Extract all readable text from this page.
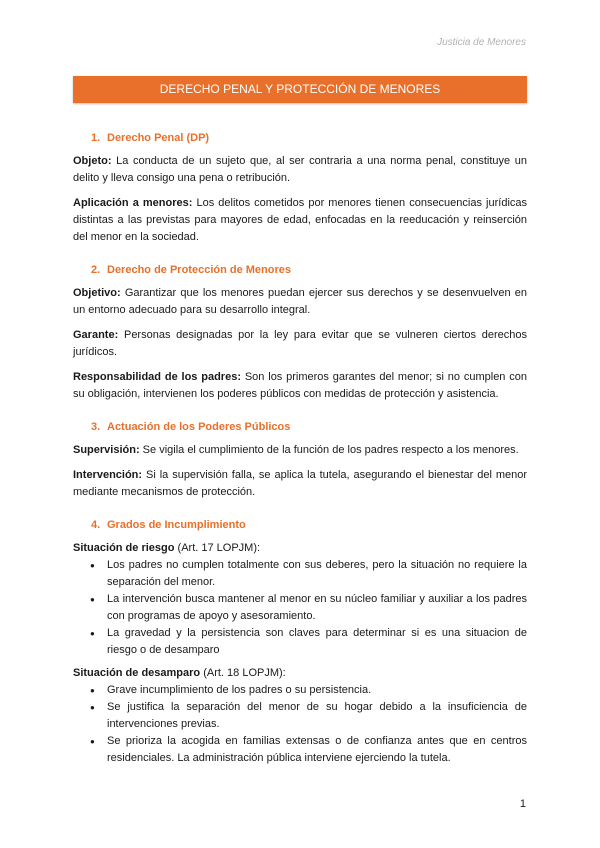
Justicia de Menores
DERECHO PENAL Y PROTECCIÓN DE MENORES
1. Derecho Penal (DP)

Objeto: La conducta de un sujeto que, al ser contraria a una norma penal, constituye un delito y lleva consigo una pena o retribución.

Aplicación a menores: Los delitos cometidos por menores tienen consecuencias jurídicas distintas a las previstas para mayores de edad, enfocadas en la reeducación y reinserción del menor en la sociedad.

2. Derecho de Protección de Menores

Objetivo: Garantizar que los menores puedan ejercer sus derechos y se desenvuelven en un entorno adecuado para su desarrollo integral.

Garante: Personas designadas por la ley para evitar que se vulneren ciertos derechos jurídicos.

Responsabilidad de los padres: Son los primeros garantes del menor; si no cumplen con su obligación, intervienen los poderes públicos con medidas de protección y asistencia.

3. Actuación de los Poderes Públicos

Supervisión: Se vigila el cumplimiento de la función de los padres respecto a los menores.

Intervención: Si la supervisión falla, se aplica la tutela, asegurando el bienestar del menor mediante mecanismos de protección.

4. Grados de Incumplimiento
Situación de riesgo (Art. 17 LOPJM):
● Los padres no cumplen totalmente con sus deberes, pero la situación no requiere la separación del menor.
● La intervención busca mantener al menor en su núcleo familiar y auxiliar a los padres con programas de apoyo y asesoramiento.
● La gravedad y la persistencia son claves para determinar si es una situacion de riesgo o de desamparo
Situación de desamparo (Art. 18 LOPJM):
● Grave incumplimiento de los padres o su persistencia.
● Se justifica la separación del menor de su hogar debido a la insuficiencia de intervenciones previas.
● Se prioriza la acogida en familias extensas o de confianza antes que en centros residenciales. La administración pública interviene ejerciendo la tutela.
1
